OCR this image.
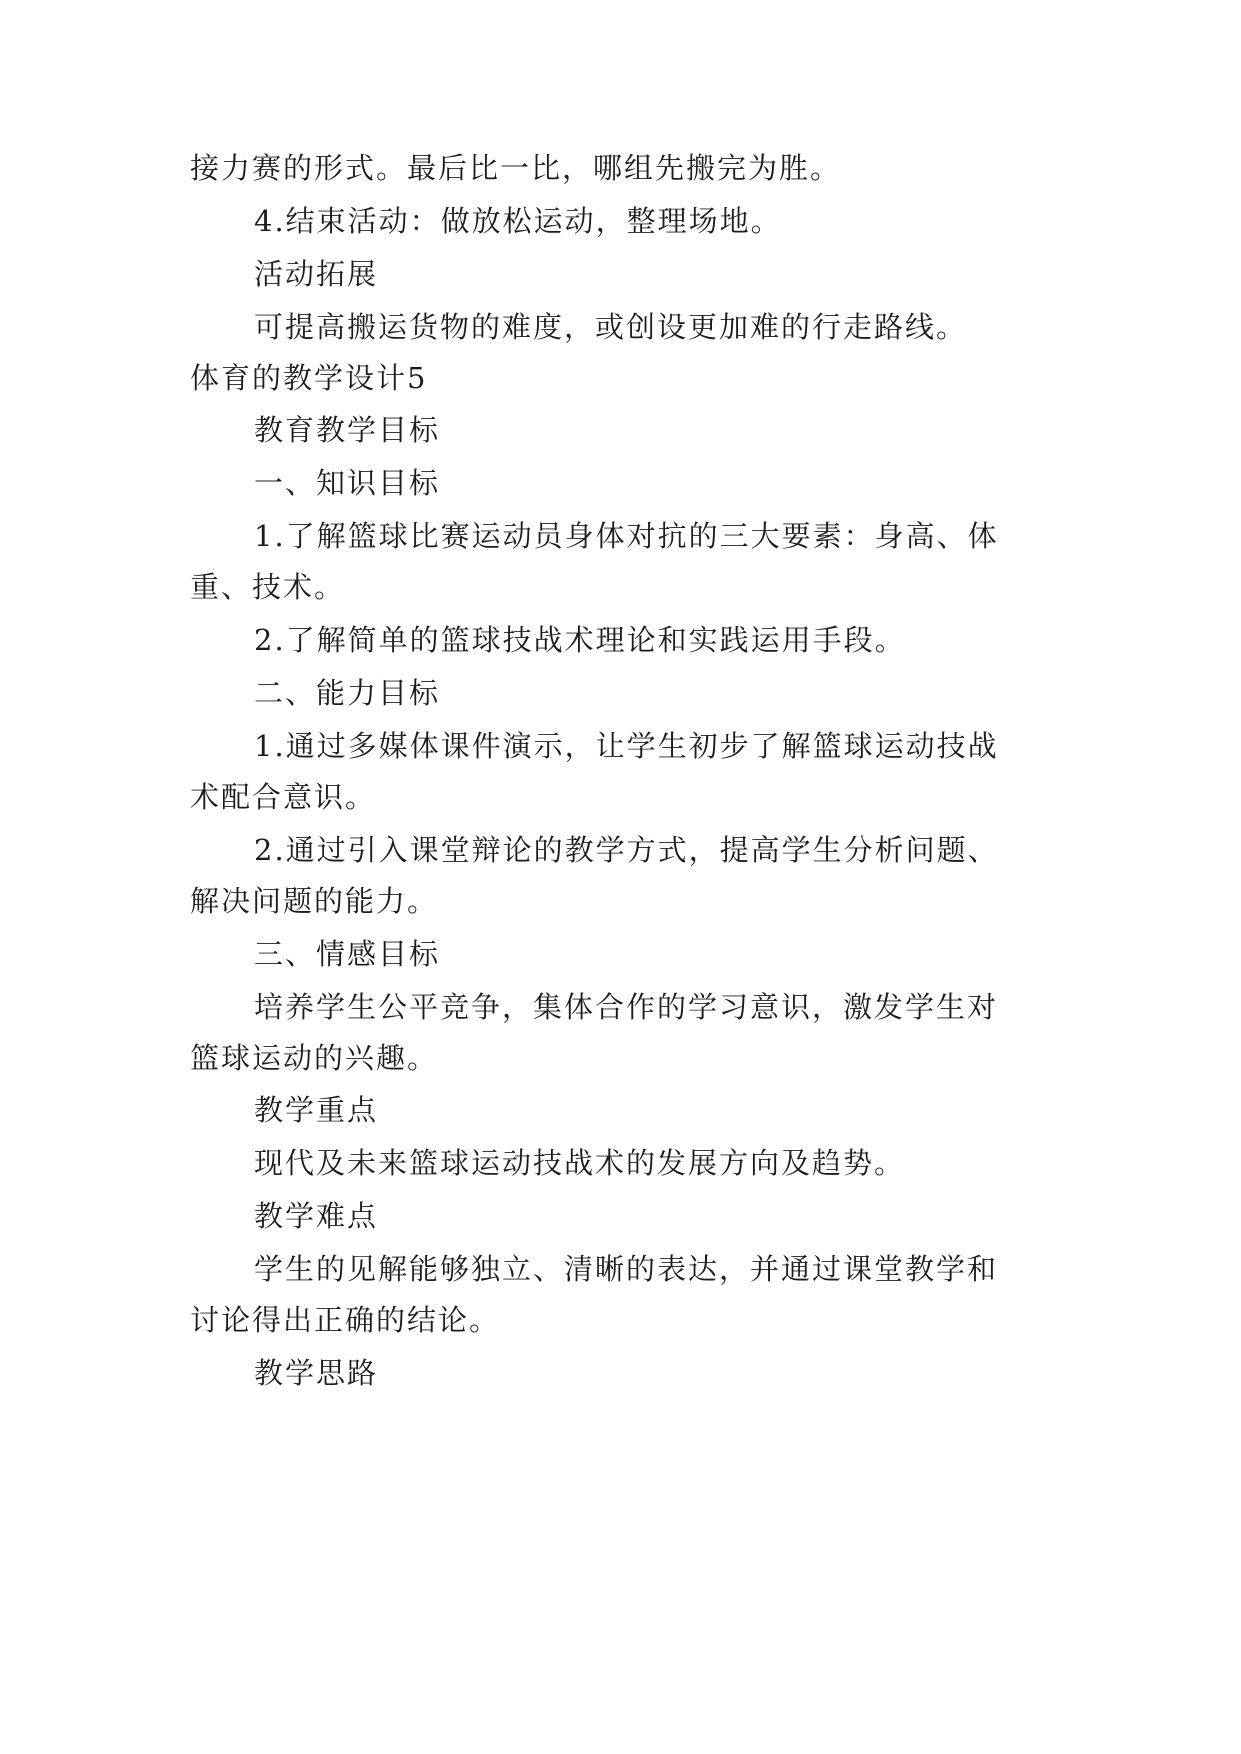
接力赛的形式。最后比一比，哪组先搬完为胜。

4.结束活动：做放松运动，整理场地。

活动拓展

可提高搬运货物的难度，或创设更加难的行走路线。

体育的教学设计5

教育教学目标

一、知识目标

1.了解篮球比赛运动员身体对抗的三大要素：身高、体

重、技术。

2.了解简单的篮球技战术理论和实践运用手段。

二、能力目标

1.通过多媒体课件演示，让学生初步了解篮球运动技战

术配合意识。

2.通过引入课堂辩论的教学方式，提高学生分析问题、

解决问题的能力。

三、情感目标

培养学生公平竞争，集体合作的学习意识，激发学生对

篮球运动的兴趣。

教学重点

现代及未来篮球运动技战术的发展方向及趋势。

教学难点

学生的见解能够独立、清晰的表达，并通过课堂教学和

讨论得出正确的结论。

教学思路
